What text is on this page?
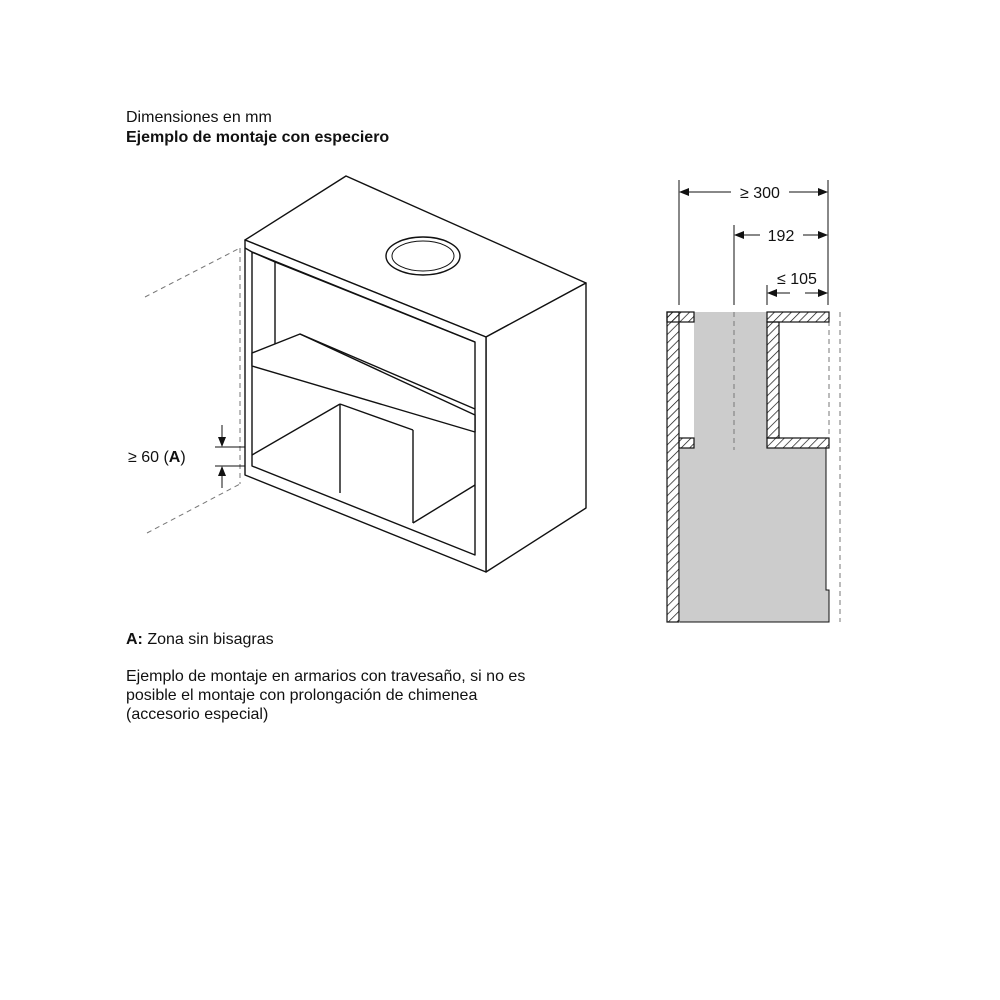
Dimensiones en mm
Ejemplo de montaje con especiero
≥ 60 (A)
≥ 300
192
≤ 105
A: Zona sin bisagras
Ejemplo de montaje en armarios con travesaño, si no es
posible el montaje con prolongación de chimenea
(accesorio especial)
